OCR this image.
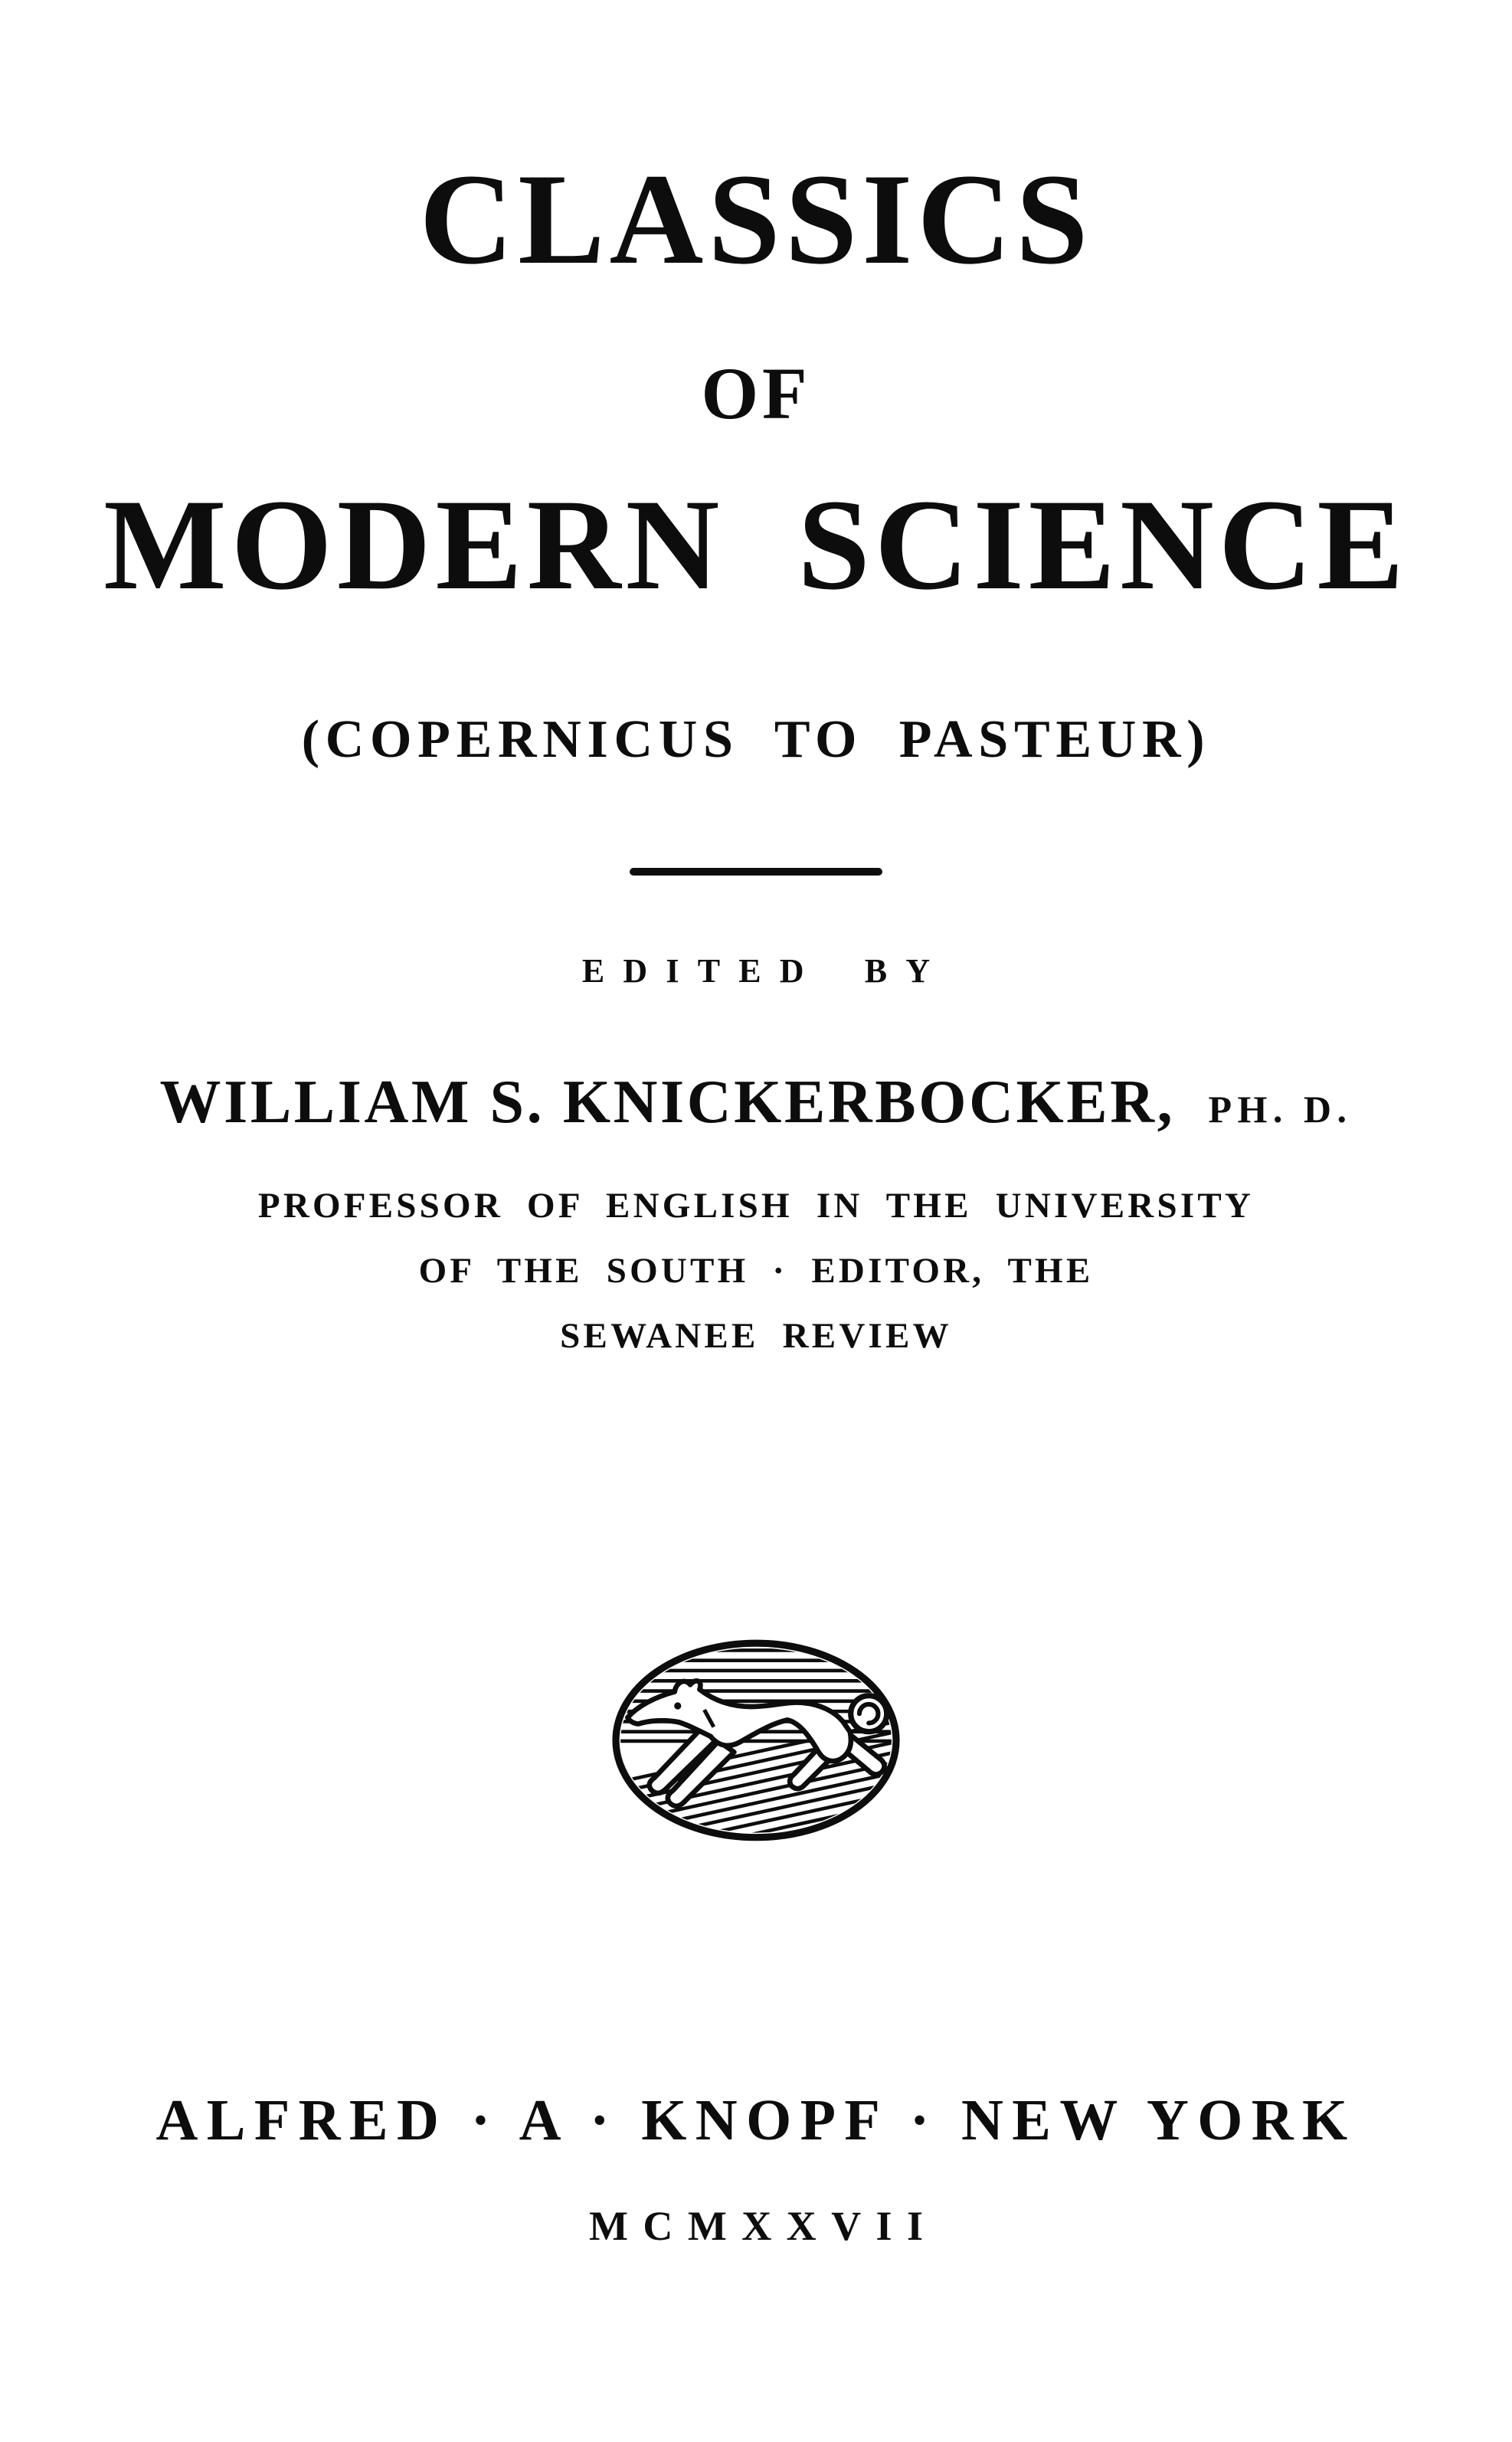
CLASSICS
OF
MODERN SCIENCE
(COPERNICUS TO PASTEUR)
EDITED BY
WILLIAM S. KNICKERBOCKER,  PH. D.
PROFESSOR OF ENGLISH IN THE UNIVERSITY
OF THE SOUTH · EDITOR, THE
SEWANEE REVIEW
ALFRED · A · KNOPF · NEW YORK
MCMXXVII
